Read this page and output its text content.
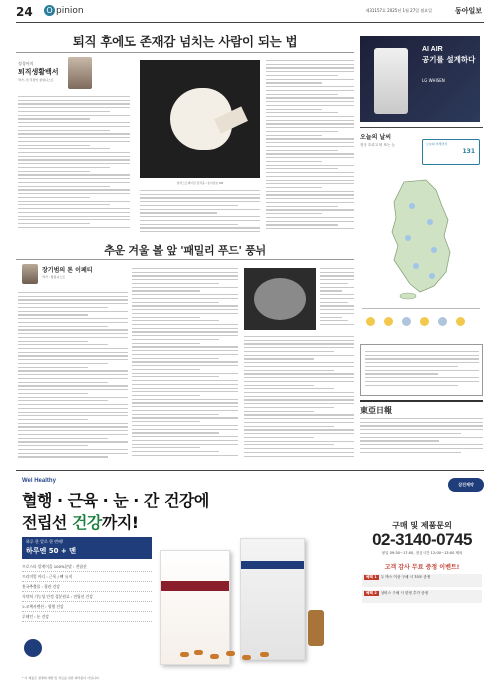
24 O pinion	제31157호 2025년 1월 27일 월요일	동아일보
퇴직 후에도 존재감 넘치는 사람이 되는 법
정경아의
퇴직생활백서
작가, 전 직장인 칼럼니스트
일러스트레이션 김석중 / 동아일보 DB
AI AIR
공기를 설계하다
LG WHISEN
오늘의 날씨
전국 흐리고 비 또는 눈	오늘의 미세먼지
131
추운 겨울 볼 앞 '패밀리 푸드' 풍뉘
장기범의 톤 이페티
작가 · 칼럼니스트
東亞日報
Wel Healthy
혈행 · 근육 · 눈 · 간 건강에
전립선 건강까지!
하루 한 알로 한 번에!
하루엔 50 + 맨
프로스타 알게이을 100%분말 : 전립선
프리미엄 아디 : 근육 / 뼈 유지
홍국추출물 : 혈관 건강
식약처 기능성 인정 성분원료 : 전립선 건강
노코헥사엔산 : 혈행 건강
루테인 : 눈 건강
삼진제약
구매 및 제품문의
02-3140-0745
평일 09:30~17:00, 점심시간 12:00~13:00 제외
고객 감사 무료 증정 이벤트!
혜택 1 두 박스 이상 구매 시 70포 증정
혜택 2 상비스 구매 시 한정 추가 증정
* 이 제품은 질병의 예방 및 치료를 위한 의약품이 아닙니다.
